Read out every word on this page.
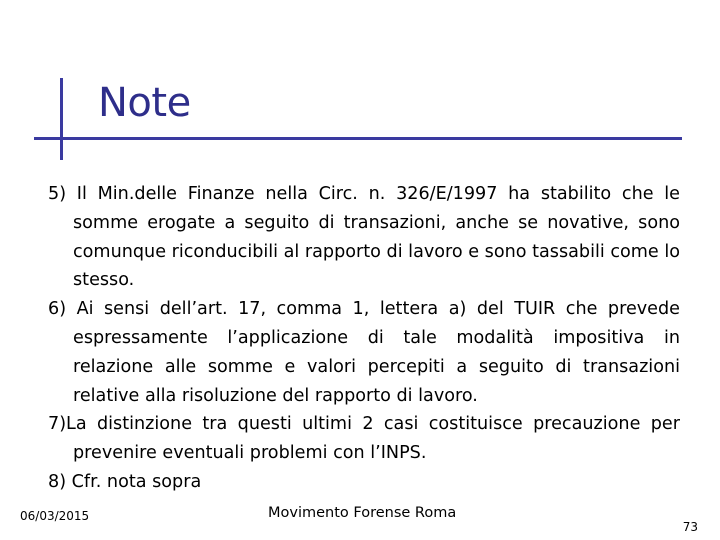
Note

5) Il Min.delle Finanze nella Circ. n. 326/E/1997 ha stabilito che le somme erogate a seguito di transazioni, anche se novative, sono comunque riconducibili al rapporto di lavoro e sono tassabili come lo stesso.

6) Ai sensi dell’art. 17, comma 1, lettera a) del TUIR che prevede espressamente l’applicazione di tale modalità impositiva in relazione alle somme e valori percepiti a seguito di transazioni relative alla risoluzione del rapporto di lavoro.

7)La distinzione tra questi ultimi 2 casi costituisce precauzione per prevenire eventuali problemi con l’INPS.

8) Cfr. nota sopra

06/03/2015	Movimento Forense Roma
73
